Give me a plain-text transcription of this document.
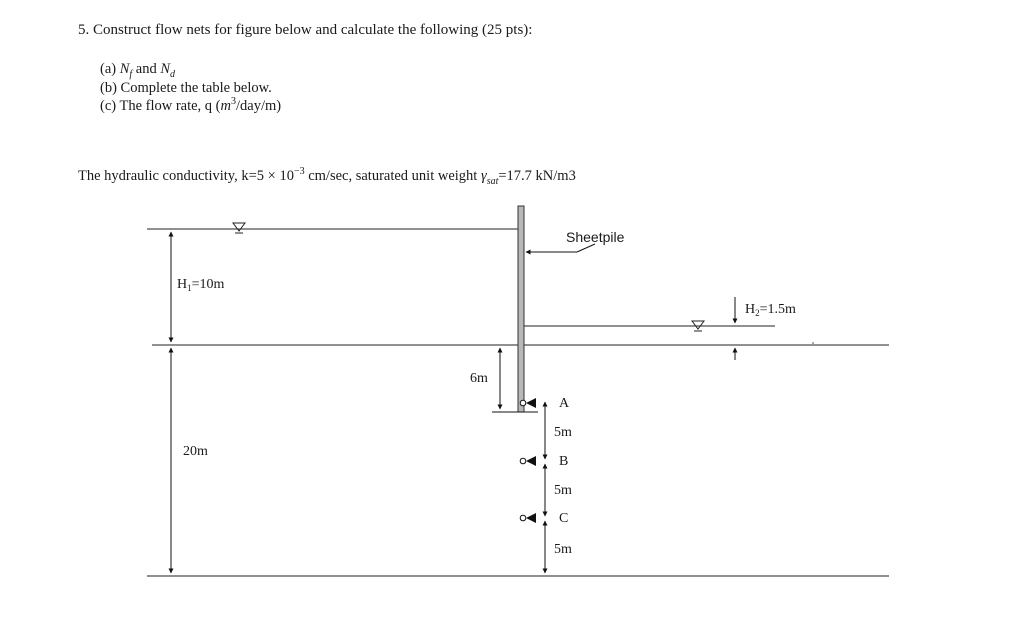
5. Construct flow nets for figure below and calculate the following (25 pts):
(a) $N_f$ and $N_d$
(b) Complete the table below.
(c) The flow rate, q $(m^3/day/m)$
The hydraulic conductivity, $k=5 \times 10^{-3}$ cm/sec, saturated unit weight $\gamma_{sat}=17.7$ kN/m3
Sheetpile
$H_1=10m$
20m
$H_2=1.5m$
6m
A
B
C
5m
5m
5m
